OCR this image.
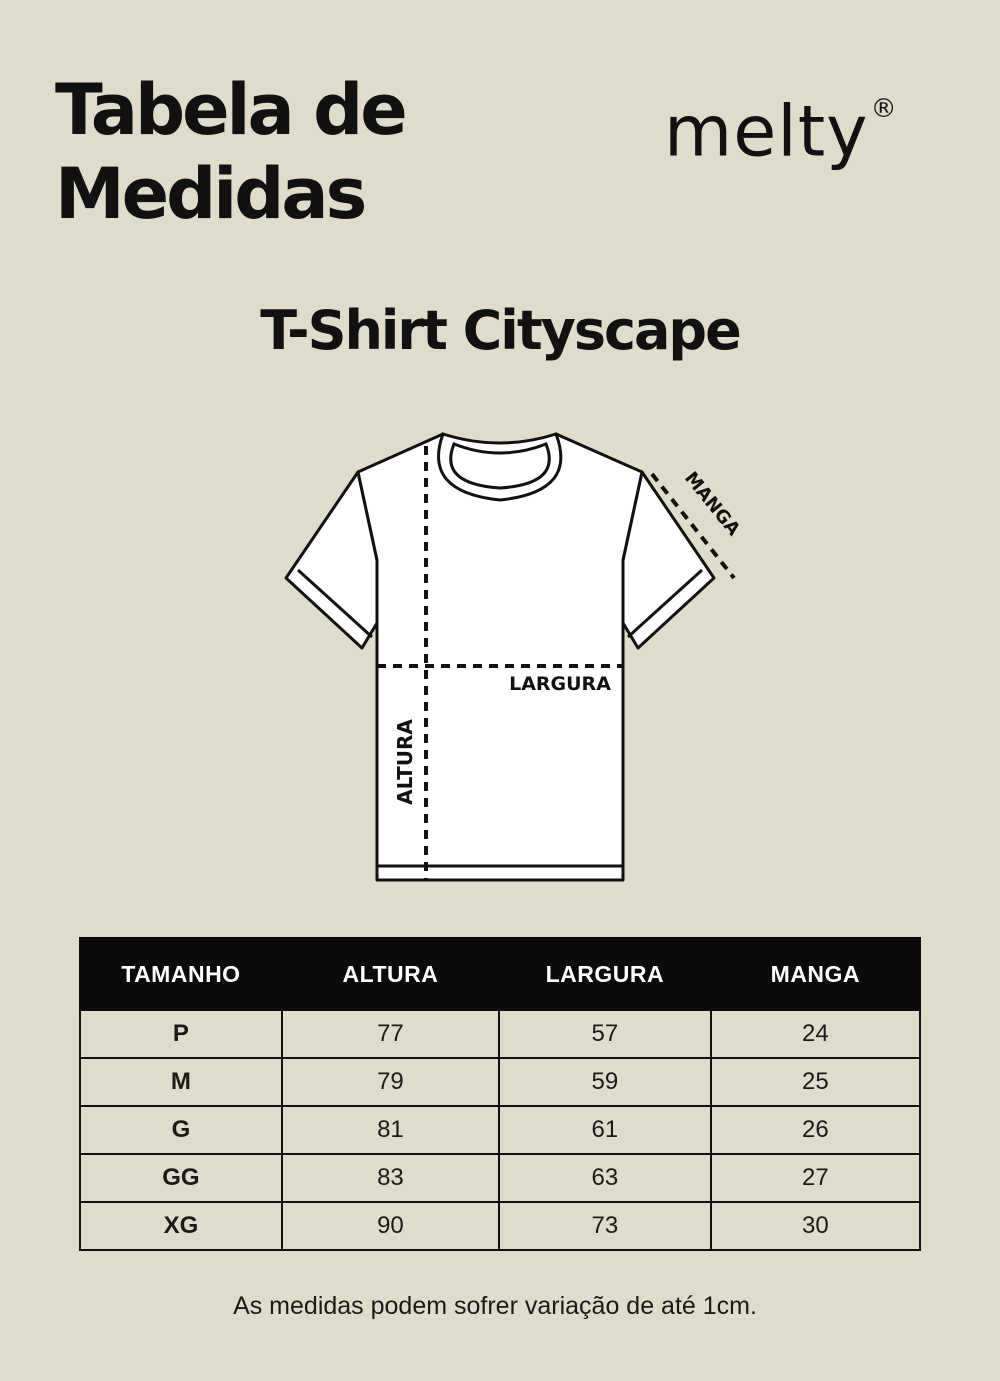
Tabela de
Medidas
melty®
T-Shirt Cityscape
MANGA
LARGURA
ALTURA
TAMANHO	ALTURA	LARGURA	MANGA
P	77	57	24
M	79	59	25
G	81	61	26
GG	83	63	27
XG	90	73	30
As medidas podem sofrer variação de até 1cm.
